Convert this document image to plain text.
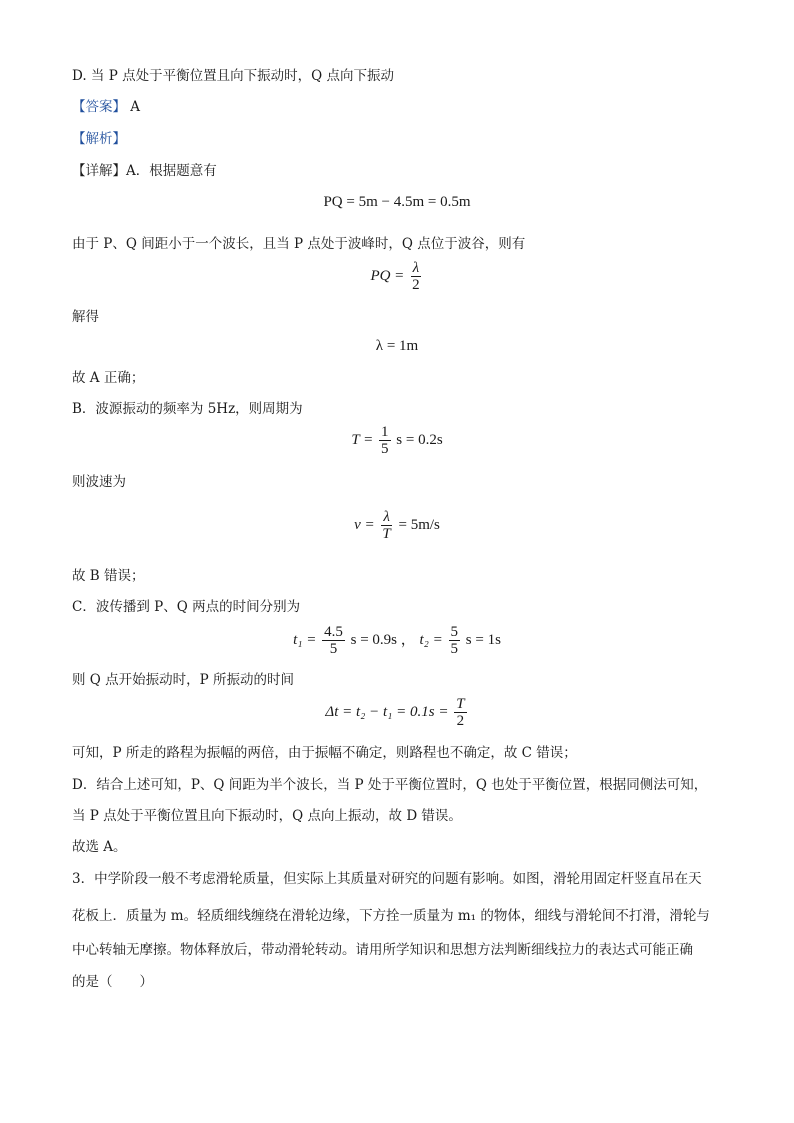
D. 当 P 点处于平衡位置且向下振动时，Q 点向下振动
【答案】 A
【解析】
【详解】A．根据题意有
PQ = 5m − 4.5m = 0.5m
由于 P、Q 间距小于一个波长，且当 P 点处于波峰时，Q 点位于波谷，则有
PQ = $\frac{\lambda}{2}$
解得
λ = 1m
故 A 正确；
B．波源振动的频率为 5Hz，则周期为
$T = \frac{1}{5}$ s = 0.2s
则波速为
$v = \frac{\lambda}{T} = 5m/s$
故 B 错误；
C．波传播到 P、Q 两点的时间分别为
$t_1 = \frac{4.5}{5}$ s = 0.9s ， $t_2 = \frac{5}{5}$ s = 1s
则 Q 点开始振动时，P 所振动的时间
$\Delta t = t_2 - t_1 = 0.1s = \frac{T}{2}$
可知，P 所走的路程为振幅的两倍，由于振幅不确定，则路程也不确定，故 C 错误；
D．结合上述可知，P、Q 间距为半个波长，当 P 处于平衡位置时，Q 也处于平衡位置，根据同侧法可知，
当 P 点处于平衡位置且向下振动时，Q 点向上振动，故 D 错误。
故选 A。
3．中学阶段一般不考虑滑轮质量，但实际上其质量对研究的问题有影响。如图，滑轮用固定杆竖直吊在天
花板上．质量为 m。轻质细线缠绕在滑轮边缘，下方拴一质量为 m₁ 的物体，细线与滑轮间不打滑，滑轮与
中心转轴无摩擦。物体释放后，带动滑轮转动。请用所学知识和思想方法判断细线拉力的表达式可能正确
的是（　　）
